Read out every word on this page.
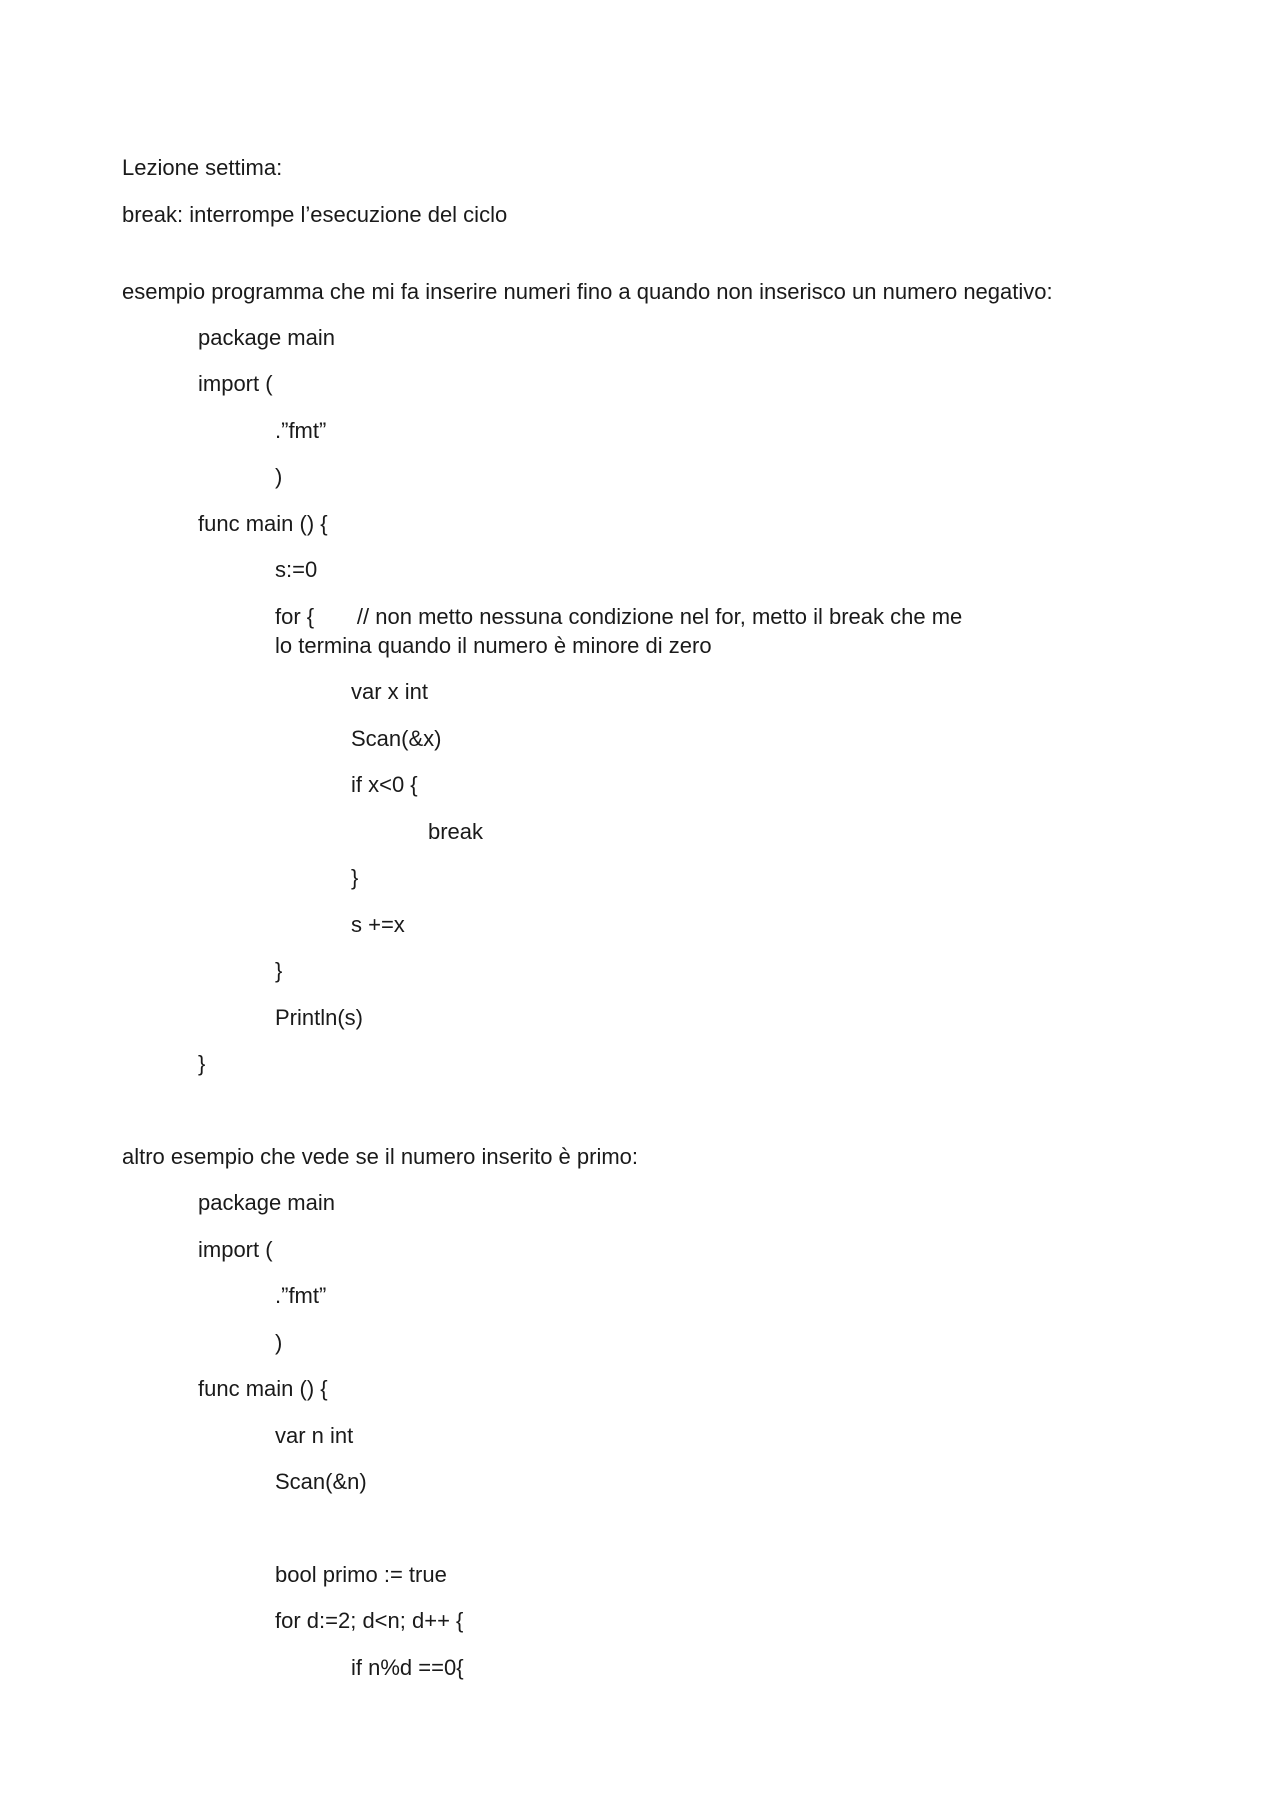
Lezione settima:

break: interrompe l’esecuzione del ciclo

esempio programma che mi fa inserire numeri fino a quando non inserisco un numero negativo:

package main

import (

.”fmt”

)

func main () {

s:=0

for {       // non metto nessuna condizione nel for, metto il break che me

lo termina quando il numero è minore di zero

var x int

Scan(&x)

if x<0 {

break

}

s +=x

}

Println(s)

}

altro esempio che vede se il numero inserito è primo:

package main

import (

.”fmt”

)

func main () {

var n int

Scan(&n)

bool primo := true

for d:=2; d<n; d++ {

if n%d ==0{
